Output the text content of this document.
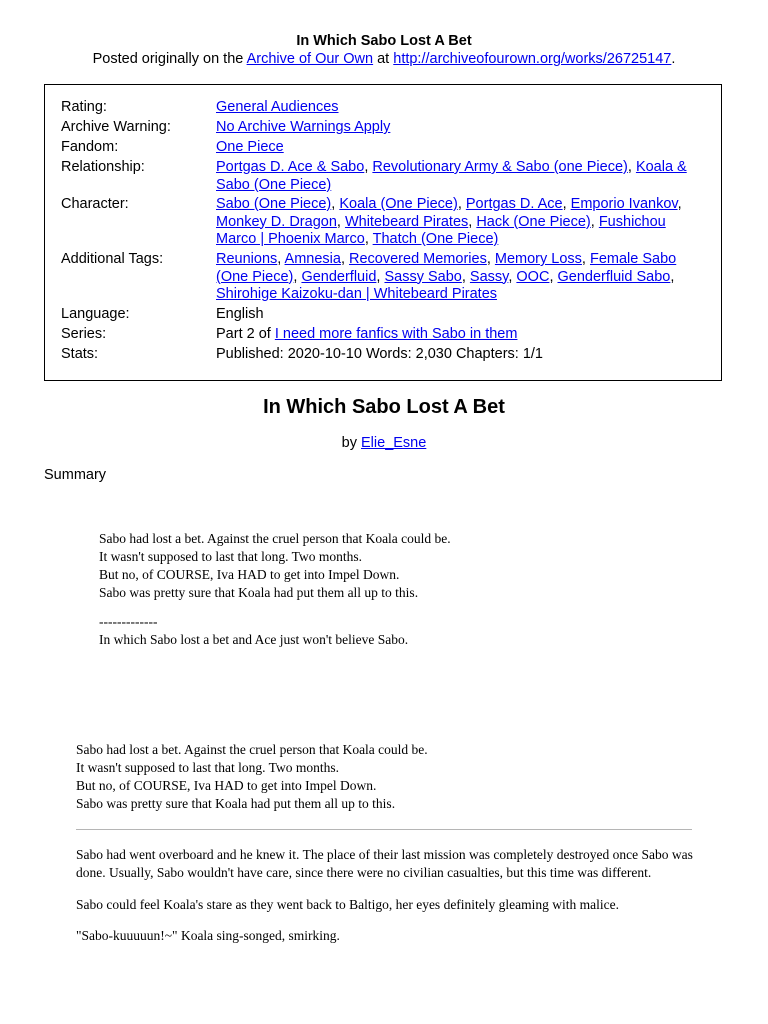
In Which Sabo Lost A Bet
Posted originally on the Archive of Our Own at http://archiveofourown.org/works/26725147.
Rating:	General Audiences
Archive Warning:	No Archive Warnings Apply
Fandom:	One Piece
Relationship:	Portgas D. Ace & Sabo, Revolutionary Army & Sabo (one Piece), Koala & Sabo (One Piece)
Character:	Sabo (One Piece), Koala (One Piece), Portgas D. Ace, Emporio Ivankov, Monkey D. Dragon, Whitebeard Pirates, Hack (One Piece), Fushichou Marco | Phoenix Marco, Thatch (One Piece)
Additional Tags:	Reunions, Amnesia, Recovered Memories, Memory Loss, Female Sabo (One Piece), Genderfluid, Sassy Sabo, Sassy, OOC, Genderfluid Sabo, Shirohige Kaizoku-dan | Whitebeard Pirates
Language:	English
Series:	Part 2 of I need more fanfics with Sabo in them
Stats:	Published: 2020-10-10 Words: 2,030 Chapters: 1/1
In Which Sabo Lost A Bet
by Elie_Esne
Summary

Sabo had lost a bet. Against the cruel person that Koala could be.

It wasn't supposed to last that long. Two months.

But no, of COURSE, Iva HAD to get into Impel Down.

Sabo was pretty sure that Koala had put them all up to this.

-------------

In which Sabo lost a bet and Ace just won't believe Sabo.

Sabo had lost a bet. Against the cruel person that Koala could be.

It wasn't supposed to last that long. Two months.

But no, of COURSE, Iva HAD to get into Impel Down.

Sabo was pretty sure that Koala had put them all up to this.

Sabo had went overboard and he knew it. The place of their last mission was completely destroyed once Sabo was done. Usually, Sabo wouldn't have care, since there were no civilian casualties, but this time was different.

Sabo could feel Koala's stare as they went back to Baltigo, her eyes definitely gleaming with malice.

"Sabo-kuuuuun!~" Koala sing-songed, smirking.
